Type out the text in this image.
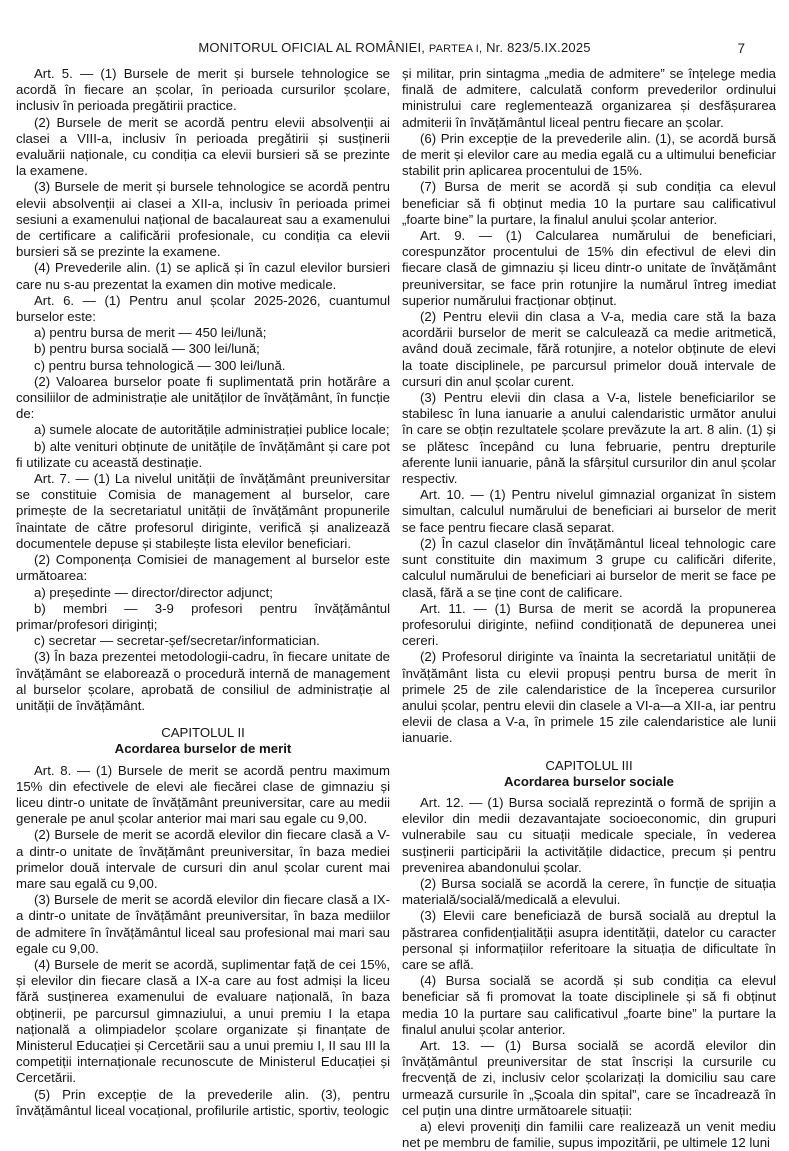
MONITORUL OFICIAL AL ROMÂNIEI, PARTEA I, Nr. 823/5.IX.2025	7

Art. 5. — (1) Bursele de merit și bursele tehnologice se acordă în fiecare an școlar, în perioada cursurilor școlare, inclusiv în perioada pregătirii practice.

(2) Bursele de merit se acordă pentru elevii absolvenții ai clasei a VIII-a, inclusiv în perioada pregătirii și susținerii evaluării naționale, cu condiția ca elevii bursieri să se prezinte la examene.

(3) Bursele de merit și bursele tehnologice se acordă pentru elevii absolvenții ai clasei a XII-a, inclusiv în perioada primei sesiuni a examenului național de bacalaureat sau a examenului de certificare a calificării profesionale, cu condiția ca elevii bursieri să se prezinte la examene.

(4) Prevederile alin. (1) se aplică și în cazul elevilor bursieri care nu s-au prezentat la examen din motive medicale.

Art. 6. — (1) Pentru anul școlar 2025-2026, cuantumul burselor este:

a) pentru bursa de merit — 450 lei/lună;

b) pentru bursa socială — 300 lei/lună;

c) pentru bursa tehnologică — 300 lei/lună.

(2) Valoarea burselor poate fi suplimentată prin hotărâre a consiliilor de administrație ale unităților de învățământ, în funcție de:

a) sumele alocate de autoritățile administrației publice locale;

b) alte venituri obținute de unitățile de învățământ și care pot fi utilizate cu această destinație.

Art. 7. — (1) La nivelul unității de învățământ preuniversitar se constituie Comisia de management al burselor, care primește de la secretariatul unității de învățământ propunerile înaintate de către profesorul diriginte, verifică și analizează documentele depuse și stabilește lista elevilor beneficiari.

(2) Componența Comisiei de management al burselor este următoarea:

a) președinte — director/director adjunct;

b) membri — 3-9 profesori pentru învățământul primar/profesori diriginți;

c) secretar — secretar-șef/secretar/informatician.

(3) În baza prezentei metodologii-cadru, în fiecare unitate de învățământ se elaborează o procedură internă de management al burselor școlare, aprobată de consiliul de administrație al unității de învățământ.

CAPITOLUL II

Acordarea burselor de merit

Art. 8. — (1) Bursele de merit se acordă pentru maximum 15% din efectivele de elevi ale fiecărei clase de gimnaziu și liceu dintr-o unitate de învățământ preuniversitar, care au medii generale pe anul școlar anterior mai mari sau egale cu 9,00.

(2) Bursele de merit se acordă elevilor din fiecare clasă a V-a dintr-o unitate de învățământ preuniversitar, în baza mediei primelor două intervale de cursuri din anul școlar curent mai mare sau egală cu 9,00.

(3) Bursele de merit se acordă elevilor din fiecare clasă a IX-a dintr-o unitate de învățământ preuniversitar, în baza mediilor de admitere în învățământul liceal sau profesional mai mari sau egale cu 9,00.

(4) Bursele de merit se acordă, suplimentar față de cei 15%, și elevilor din fiecare clasă a IX-a care au fost admiși la liceu fără susținerea examenului de evaluare națională, în baza obținerii, pe parcursul gimnaziului, a unui premiu I la etapa națională a olimpiadelor școlare organizate și finanțate de Ministerul Educației și Cercetării sau a unui premiu I, II sau III la competiții internaționale recunoscute de Ministerul Educației și Cercetării.

(5) Prin excepție de la prevederile alin. (3), pentru învățământul liceal vocațional, profilurile artistic, sportiv, teologic

și militar, prin sintagma „media de admitere” se înțelege media finală de admitere, calculată conform prevederilor ordinului ministrului care reglementează organizarea și desfășurarea admiterii în învățământul liceal pentru fiecare an școlar.

(6) Prin excepție de la prevederile alin. (1), se acordă bursă de merit și elevilor care au media egală cu a ultimului beneficiar stabilit prin aplicarea procentului de 15%.

(7) Bursa de merit se acordă și sub condiția ca elevul beneficiar să fi obținut media 10 la purtare sau calificativul „foarte bine” la purtare, la finalul anului școlar anterior.

Art. 9. — (1) Calcularea numărului de beneficiari, corespunzător procentului de 15% din efectivul de elevi din fiecare clasă de gimnaziu și liceu dintr-o unitate de învățământ preuniversitar, se face prin rotunjire la numărul întreg imediat superior numărului fracționar obținut.

(2) Pentru elevii din clasa a V-a, media care stă la baza acordării burselor de merit se calculează ca medie aritmetică, având două zecimale, fără rotunjire, a notelor obținute de elevi la toate disciplinele, pe parcursul primelor două intervale de cursuri din anul școlar curent.

(3) Pentru elevii din clasa a V-a, listele beneficiarilor se stabilesc în luna ianuarie a anului calendaristic următor anului în care se obțin rezultatele școlare prevăzute la art. 8 alin. (1) și se plătesc începând cu luna februarie, pentru drepturile aferente lunii ianuarie, până la sfârșitul cursurilor din anul școlar respectiv.

Art. 10. — (1) Pentru nivelul gimnazial organizat în sistem simultan, calculul numărului de beneficiari ai burselor de merit se face pentru fiecare clasă separat.

(2) În cazul claselor din învățământul liceal tehnologic care sunt constituite din maximum 3 grupe cu calificări diferite, calculul numărului de beneficiari ai burselor de merit se face pe clasă, fără a se ține cont de calificare.

Art. 11. — (1) Bursa de merit se acordă la propunerea profesorului diriginte, nefiind condiționată de depunerea unei cereri.

(2) Profesorul diriginte va înainta la secretariatul unității de învățământ lista cu elevii propuși pentru bursa de merit în primele 25 de zile calendaristice de la începerea cursurilor anului școlar, pentru elevii din clasele a VI-a—a XII-a, iar pentru elevii de clasa a V-a, în primele 15 zile calendaristice ale lunii ianuarie.

CAPITOLUL III

Acordarea burselor sociale

Art. 12. — (1) Bursa socială reprezintă o formă de sprijin a elevilor din medii dezavantajate socioeconomic, din grupuri vulnerabile sau cu situații medicale speciale, în vederea susținerii participării la activitățile didactice, precum și pentru prevenirea abandonului școlar.

(2) Bursa socială se acordă la cerere, în funcție de situația materială/socială/medicală a elevului.

(3) Elevii care beneficiază de bursă socială au dreptul la păstrarea confidențialității asupra identității, datelor cu caracter personal și informațiilor referitoare la situația de dificultate în care se află.

(4) Bursa socială se acordă și sub condiția ca elevul beneficiar să fi promovat la toate disciplinele și să fi obținut media 10 la purtare sau calificativul „foarte bine” la purtare la finalul anului școlar anterior.

Art. 13. — (1) Bursa socială se acordă elevilor din învățământul preuniversitar de stat înscriși la cursurile cu frecvență de zi, inclusiv celor școlarizați la domiciliu sau care urmează cursurile în „Școala din spital”, care se încadrează în cel puțin una dintre următoarele situații:

a) elevi proveniți din familii care realizează un venit mediu net pe membru de familie, supus impozitării, pe ultimele 12 luni
